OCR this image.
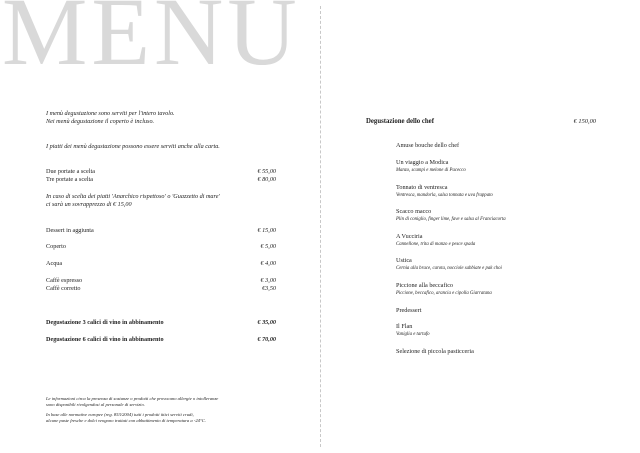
MENU
I menù degustazione sono serviti per l'intero tavolo.
Nei menù degustazione il coperto è incluso.
I piatti dei menù degustazione possono essere serviti anche alla carta.
Due portate a scelta	€ 55,00
Tre portate a scelta	€ 80,00
In caso di scelta dei piatti 'Anarchico rispettoso' o 'Guazzetto di mare'
ci sarà un sovrapprezzo di € 15,00
Dessert in aggiunta	€ 15,00
Coperto	€ 5,00
Acqua	€ 4,00
Caffè espresso	€ 3,00
Caffè corretto	€3,50
Degustazione 3 calici di vino in abbinamento	€ 35,00
Degustazione 6 calici di vino in abbinamento	€ 70,00
Le informazioni circa la presenza di sostanze o prodotti che provocano allergie o intolleranze
sono disponibili rivolgendosi al personale di servizio.
In base alle normative europee (reg. 853/2004) tutti i prodotti ittici serviti crudi,
alcune paste fresche e dolci vengono trattati con abbattimento di temperatura a -24°C.
Degustazione dello chef	€ 150,00
Amuse bouche dello chef
Un viaggio a Modica
Manzo, scampi e melone di Pacecco
Tonnato di ventresca
Ventresca, mandorla, salsa tonnata e uva frappato
Scacco macco
Plin di coniglio, finger lime, fave e salsa al Franciacorta
A Vucciria
Cannellone, trita di manzo e pesce spada
Ustica
Cernia alla brace, carota, nocciole sabbiate e pak choi
Piccione alla beccafico
Piccione, beccafico, arancia e cipolla Giarratana
Predessert
Il Flan
Vaniglia e tartufo
Selezione di piccola pasticceria
